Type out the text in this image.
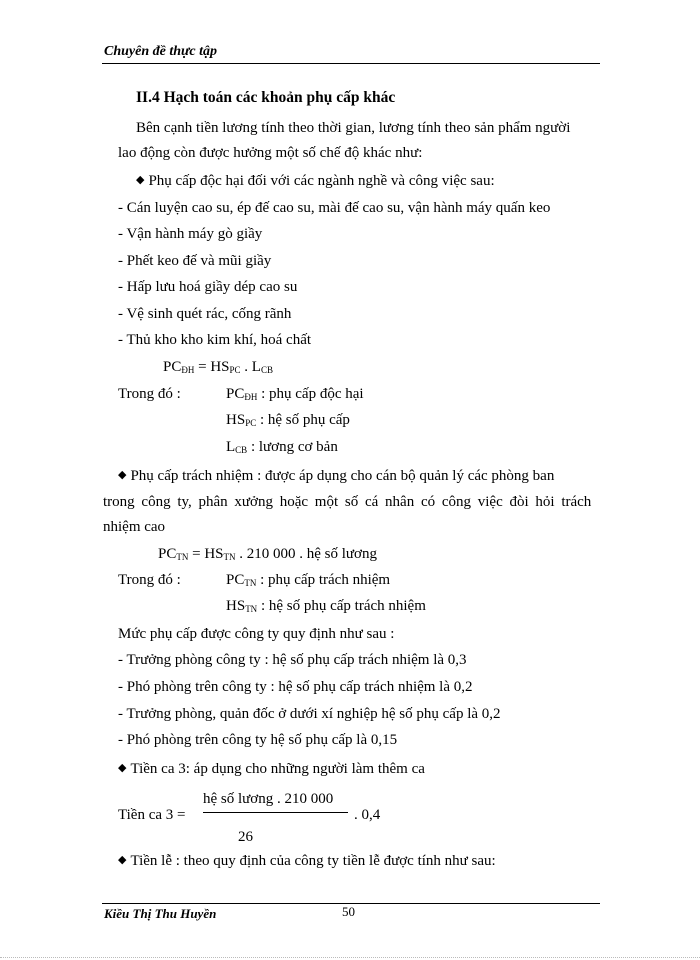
Chuyên đề thực tập
II.4 Hạch toán các khoản phụ cấp khác
Bên cạnh tiền lương tính theo thời gian, lương tính theo sản phẩm người
lao động còn được hưởng một số chế độ khác như:
◆ Phụ cấp độc hại đối với các ngành nghề và công việc sau:
- Cán luyện cao su, ép đế cao su, mài đế cao su, vận hành máy quấn keo
- Vận hành máy gò giầy
- Phết keo đế và mũi giầy
- Hấp lưu hoá giầy dép cao su
- Vệ sinh quét rác, cống rãnh
- Thủ kho kho kim khí, hoá chất
$PC_{ĐH} = HS_{PC}$ . $L_{CB}$
Trong đó :	$PC_{ĐH}$ : phụ cấp độc hại
$HS_{PC}$ : hệ số phụ cấp
$L_{CB}$ : lương cơ bản
◆ Phụ cấp trách nhiệm : được áp dụng cho cán bộ quản lý các phòng ban
trong công ty, phân xưởng hoặc một số cá nhân có công việc đòi hỏi trách
nhiệm cao
$PC_{TN} = HS_{TN}$ . 210 000 . hệ số lương
Trong đó :	$PC_{TN}$ : phụ cấp trách nhiệm
$HS_{TN}$ : hệ số phụ cấp trách nhiệm
Mức phụ cấp được công ty quy định như sau :
- Trưởng phòng công ty : hệ số phụ cấp trách nhiệm là 0,3
- Phó phòng trên công ty : hệ số phụ cấp trách nhiệm là 0,2
- Trưởng phòng, quản đốc ở dưới xí nghiệp hệ số phụ cấp là 0,2
- Phó phòng trên công ty hệ số phụ cấp là 0,15
◆ Tiền ca 3: áp dụng cho những người làm thêm ca
hệ số lương . 210 000
Tiền ca 3 =	. 0,4
26
◆ Tiền lễ : theo quy định của công ty tiền lễ được tính như sau:
Kiều Thị Thu Huyền	50
